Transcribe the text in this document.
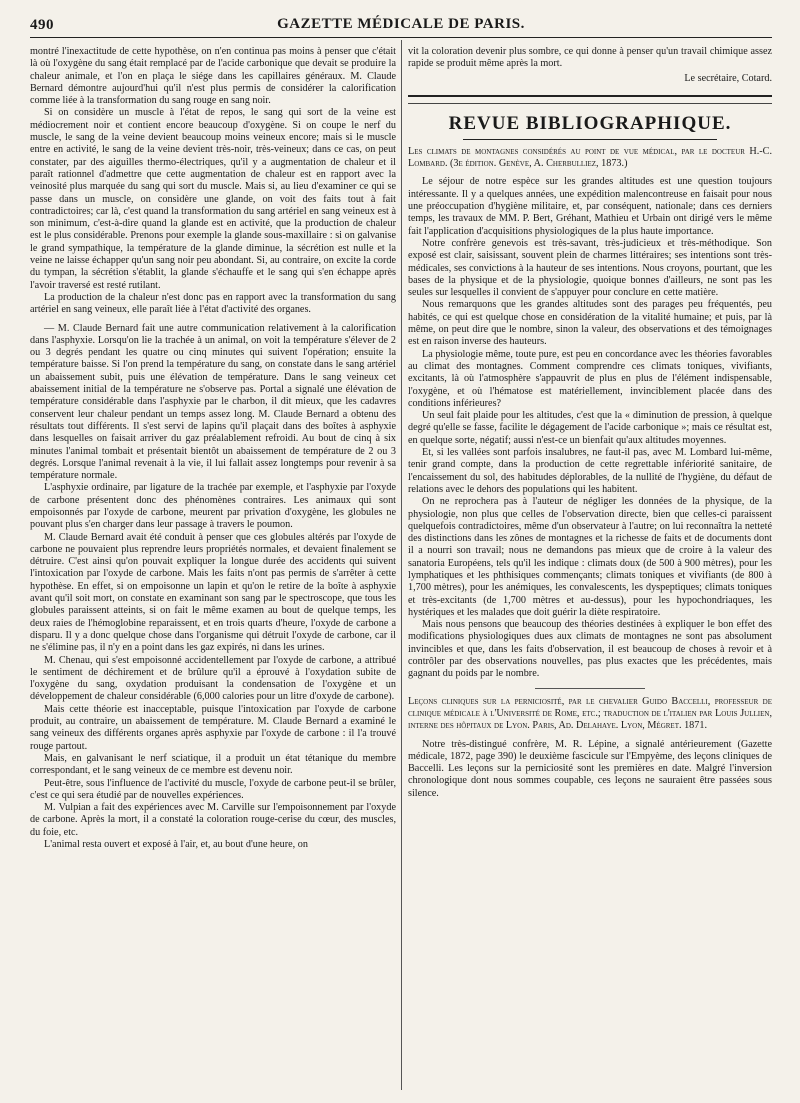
490	GAZETTE MÉDICALE DE PARIS.

montré l'inexactitude de cette hypothèse, on n'en continua pas moins à penser que c'était là où l'oxygène du sang était remplacé par de l'acide carbonique que devait se produire la chaleur animale, et l'on en plaça le siége dans les capillaires généraux. M. Claude Bernard démontre aujourd'hui qu'il n'est plus permis de considérer la calorification comme liée à la transformation du sang rouge en sang noir.

Si on considère un muscle à l'état de repos, le sang qui sort de la veine est médiocrement noir et contient encore beaucoup d'oxygène. Si on coupe le nerf du muscle, le sang de la veine devient beaucoup moins veineux encore; mais si le muscle entre en activité, le sang de la veine devient très-noir, très-veineux; dans ce cas, on peut constater, par des aiguilles thermo-électriques, qu'il y a augmentation de chaleur et il paraît rationnel d'admettre que cette augmentation de chaleur est en rapport avec la veinosité plus marquée du sang qui sort du muscle. Mais si, au lieu d'examiner ce qui se passe dans un muscle, on considère une glande, on voit des faits tout à fait contradictoires; car là, c'est quand la transformation du sang artériel en sang veineux est à son minimum, c'est-à-dire quand la glande est en activité, que la production de chaleur est le plus considérable. Prenons pour exemple la glande sous-maxillaire : si on galvanise le grand sympathique, la température de la glande diminue, la sécrétion est nulle et la veine ne laisse échapper qu'un sang noir peu abondant. Si, au contraire, on excite la corde du tympan, la sécrétion s'établit, la glande s'échauffe et le sang qui s'en échappe après l'avoir traversé est resté rutilant.

La production de la chaleur n'est donc pas en rapport avec la transformation du sang artériel en sang veineux, elle paraît liée à l'état d'activité des organes.

— M. Claude Bernard fait une autre communication relativement à la calorification dans l'asphyxie. Lorsqu'on lie la trachée à un animal, on voit la température s'élever de 2 ou 3 degrés pendant les quatre ou cinq minutes qui suivent l'opération; ensuite la température baisse. Si l'on prend la température du sang, on constate dans le sang artériel un abaissement subit, puis une élévation de température. Dans le sang veineux cet abaissement initial de la température ne s'observe pas. Portal a signalé une élévation de température considérable dans l'asphyxie par le charbon, il dit mieux, que les cadavres conservent leur chaleur pendant un temps assez long. M. Claude Bernard a obtenu des résultats tout différents. Il s'est servi de lapins qu'il plaçait dans des boîtes à asphyxie dans lesquelles on faisait arriver du gaz préalablement refroidi. Au bout de cinq à six minutes l'animal tombait et présentait bientôt un abaissement de température de 2 ou 3 degrés. Lorsque l'animal revenait à la vie, il lui fallait assez longtemps pour revenir à sa température normale.

L'asphyxie ordinaire, par ligature de la trachée par exemple, et l'asphyxie par l'oxyde de carbone présentent donc des phénomènes contraires. Les animaux qui sont empoisonnés par l'oxyde de carbone, meurent par privation d'oxygène, les globules ne pouvant plus s'en charger dans leur passage à travers le poumon.

M. Claude Bernard avait été conduit à penser que ces globules altérés par l'oxyde de carbone ne pouvaient plus reprendre leurs propriétés normales, et devaient finalement se détruire. C'est ainsi qu'on pouvait expliquer la longue durée des accidents qui suivent l'intoxication par l'oxyde de carbone. Mais les faits n'ont pas permis de s'arrêter à cette hypothèse. En effet, si on empoisonne un lapin et qu'on le retire de la boîte à asphyxie avant qu'il soit mort, on constate en examinant son sang par le spectroscope, que tous les globules paraissent atteints, si on fait le même examen au bout de quelque temps, les deux raies de l'hémoglobine reparaissent, et en trois quarts d'heure, l'oxyde de carbone a disparu. Il y a donc quelque chose dans l'organisme qui détruit l'oxyde de carbone, car il ne s'élimine pas, il n'y en a point dans les gaz expirés, ni dans les urines.

M. Chenau, qui s'est empoisonné accidentellement par l'oxyde de carbone, a attribué le sentiment de déchirement et de brûlure qu'il a éprouvé à l'oxydation subite de l'oxygène du sang, oxydation produisant la condensation de l'oxygène et un développement de chaleur considérable (6,000 calories pour un litre d'oxyde de carbone).

Mais cette théorie est inacceptable, puisque l'intoxication par l'oxyde de carbone produit, au contraire, un abaissement de température. M. Claude Bernard a examiné le sang veineux des différents organes après asphyxie par l'oxyde de carbone : il l'a trouvé rouge partout.

Mais, en galvanisant le nerf sciatique, il a produit un état tétanique du membre correspondant, et le sang veineux de ce membre est devenu noir.

Peut-être, sous l'influence de l'activité du muscle, l'oxyde de carbone peut-il se brûler, c'est ce qui sera étudié par de nouvelles expériences.

M. Vulpian a fait des expériences avec M. Carville sur l'empoisonnement par l'oxyde de carbone. Après la mort, il a constaté la coloration rouge-cerise du cœur, des muscles, du foie, etc.

L'animal resta ouvert et exposé à l'air, et, au bout d'une heure, on

vit la coloration devenir plus sombre, ce qui donne à penser qu'un travail chimique assez rapide se produit même après la mort.

Le secrétaire, Cotard.
REVUE BIBLIOGRAPHIQUE.

Les climats de montagnes considérés au point de vue médical, par le docteur H.-C. Lombard. (3e édition. Genève, A. Cherbulliez, 1873.)

Le séjour de notre espèce sur les grandes altitudes est une question toujours intéressante. Il y a quelques années, une expédition malencontreuse en faisait pour nous une préoccupation d'hygiène militaire, et, par conséquent, nationale; dans ces derniers temps, les travaux de MM. P. Bert, Gréhant, Mathieu et Urbain ont dirigé vers le même fait l'application d'acquisitions physiologiques de la plus haute importance.

Notre confrère genevois est très-savant, très-judicieux et très-méthodique. Son exposé est clair, saisissant, souvent plein de charmes littéraires; ses intentions sont très-médicales, ses convictions à la hauteur de ses intentions. Nous croyons, pourtant, que les bases de la physique et de la physiologie, quoique bonnes d'ailleurs, ne sont pas les seules sur lesquelles il convient de s'appuyer pour conclure en cette matière.

Nous remarquons que les grandes altitudes sont des parages peu fréquentés, peu habités, ce qui est quelque chose en considération de la vitalité humaine; et puis, par là même, on peut dire que le nombre, sinon la valeur, des observations et des témoignages est en raison inverse des hauteurs.

La physiologie même, toute pure, est peu en concordance avec les théories favorables au climat des montagnes. Comment comprendre ces climats toniques, vivifiants, excitants, là où l'atmosphère s'appauvrit de plus en plus de l'élément indispensable, l'oxygène, et où l'hématose est matériellement, invinciblement placée dans des conditions inférieures?

Un seul fait plaide pour les altitudes, c'est que la « diminution de pression, à quelque degré qu'elle se fasse, facilite le dégagement de l'acide carbonique »; mais ce résultat est, en quelque sorte, négatif; aussi n'est-ce un bienfait qu'aux altitudes moyennes.

Et, si les vallées sont parfois insalubres, ne faut-il pas, avec M. Lombard lui-même, tenir grand compte, dans la production de cette regrettable infériorité sanitaire, de l'encaissement du sol, des habitudes déplorables, de la nullité de l'hygiène, du défaut de relations avec le dehors des populations qui les habitent.

On ne reprochera pas à l'auteur de négliger les données de la physique, de la physiologie, non plus que celles de l'observation directe, bien que celles-ci paraissent quelquefois contradictoires, même d'un observateur à l'autre; on lui reconnaîtra la netteté des distinctions dans les zônes de montagnes et la richesse de faits et de documents dont il a nourri son travail; nous ne demandons pas mieux que de croire à la valeur des sanatoria Européens, tels qu'il les indique : climats doux (de 500 à 900 mètres), pour les lymphatiques et les phthisiques commençants; climats toniques et vivifiants (de 800 à 1,700 mètres), pour les anémiques, les convalescents, les dyspeptiques; climats toniques et très-excitants (de 1,700 mètres et au-dessus), pour les hypochondriaques, les hystériques et les malades que doit guérir la diète respiratoire.

Mais nous pensons que beaucoup des théories destinées à expliquer le bon effet des modifications physiologiques dues aux climats de montagnes ne sont pas absolument invincibles et que, dans les faits d'observation, il est beaucoup de choses à revoir et à contrôler par des observations nouvelles, pas plus exactes que les précédentes, mais gagnant du poids par le nombre.

Leçons cliniques sur la perniciosité, par le chevalier Guido Baccelli, professeur de clinique médicale à l'Université de Rome, etc.; traduction de l'italien par Louis Jullien, interne des hôpitaux de Lyon. Paris, Ad. Delahaye. Lyon, Mégret. 1871.

Notre très-distingué confrère, M. R. Lépine, a signalé antérieurement (Gazette médicale, 1872, page 390) le deuxième fascicule sur l'Empyème, des leçons cliniques de Baccelli. Les leçons sur la perniciosité sont les premières en date. Malgré l'inversion chronologique dont nous sommes coupable, ces leçons ne sauraient être passées sous silence.
